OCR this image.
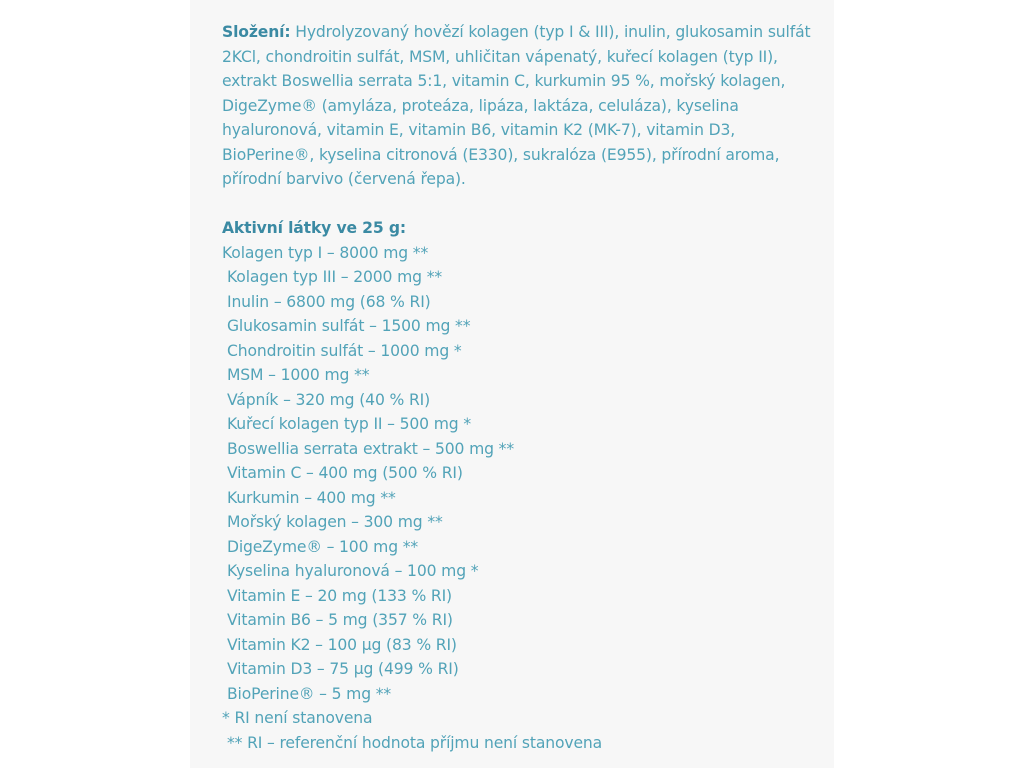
Složení: Hydrolyzovaný hovězí kolagen (typ I & III), inulin, glukosamin sulfát 2KCl, chondroitin sulfát, MSM, uhličitan vápenatý, kuřecí kolagen (typ II), extrakt Boswellia serrata 5:1, vitamin C, kurkumin 95 %, mořský kolagen, DigeZyme® (amyláza, proteáza, lipáza, laktáza, celuláza), kyselina hyaluronová, vitamin E, vitamin B6, vitamin K2 (MK-7), vitamin D3, BioPerine®, kyselina citronová (E330), sukralóza (E955), přírodní aroma, přírodní barvivo (červená řepa).

Aktivní látky ve 25 g:
Kolagen typ I – 8000 mg **
Kolagen typ III – 2000 mg **
Inulin – 6800 mg (68 % RI)
Glukosamin sulfát – 1500 mg **
Chondroitin sulfát – 1000 mg *
MSM – 1000 mg **
Vápník – 320 mg (40 % RI)
Kuřecí kolagen typ II – 500 mg *
Boswellia serrata extrakt – 500 mg **
Vitamin C – 400 mg (500 % RI)
Kurkumin – 400 mg **
Mořský kolagen – 300 mg **
DigeZyme® – 100 mg **
Kyselina hyaluronová – 100 mg *
Vitamin E – 20 mg (133 % RI)
Vitamin B6 – 5 mg (357 % RI)
Vitamin K2 – 100 µg (83 % RI)
Vitamin D3 – 75 µg (499 % RI)
BioPerine® – 5 mg **
* RI není stanovena
** RI – referenční hodnota příjmu není stanovena
